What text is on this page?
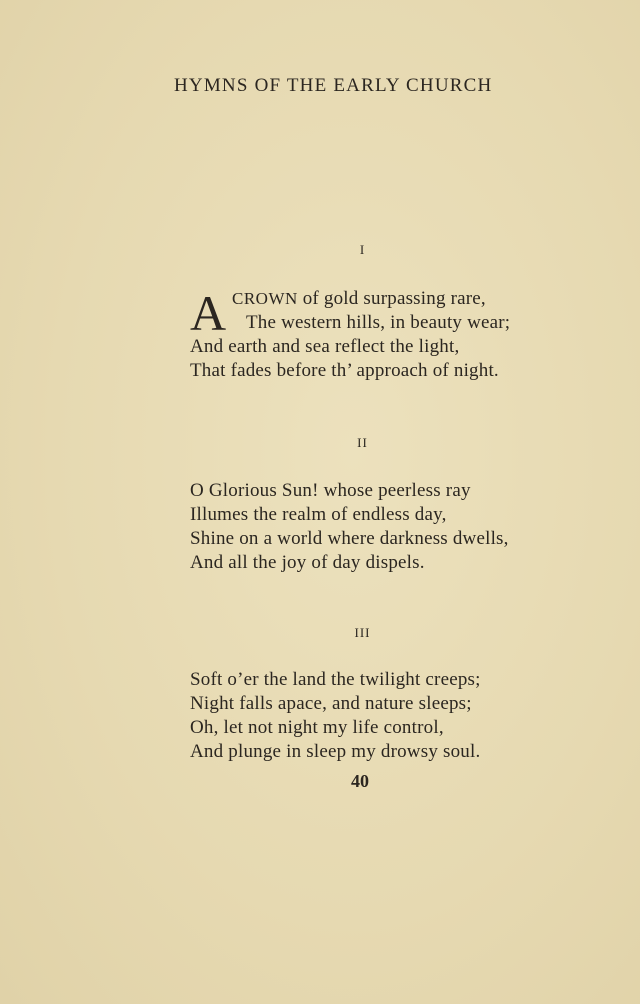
HYMNS OF THE EARLY CHURCH
I
A CROWN of gold surpassing rare,
The western hills, in beauty wear;
And earth and sea reflect the light,
That fades before th’ approach of night.
II
O Glorious Sun! whose peerless ray
Illumes the realm of endless day,
Shine on a world where darkness dwells,
And all the joy of day dispels.
III
Soft o’er the land the twilight creeps;
Night falls apace, and nature sleeps;
Oh, let not night my life control,
And plunge in sleep my drowsy soul.
40
